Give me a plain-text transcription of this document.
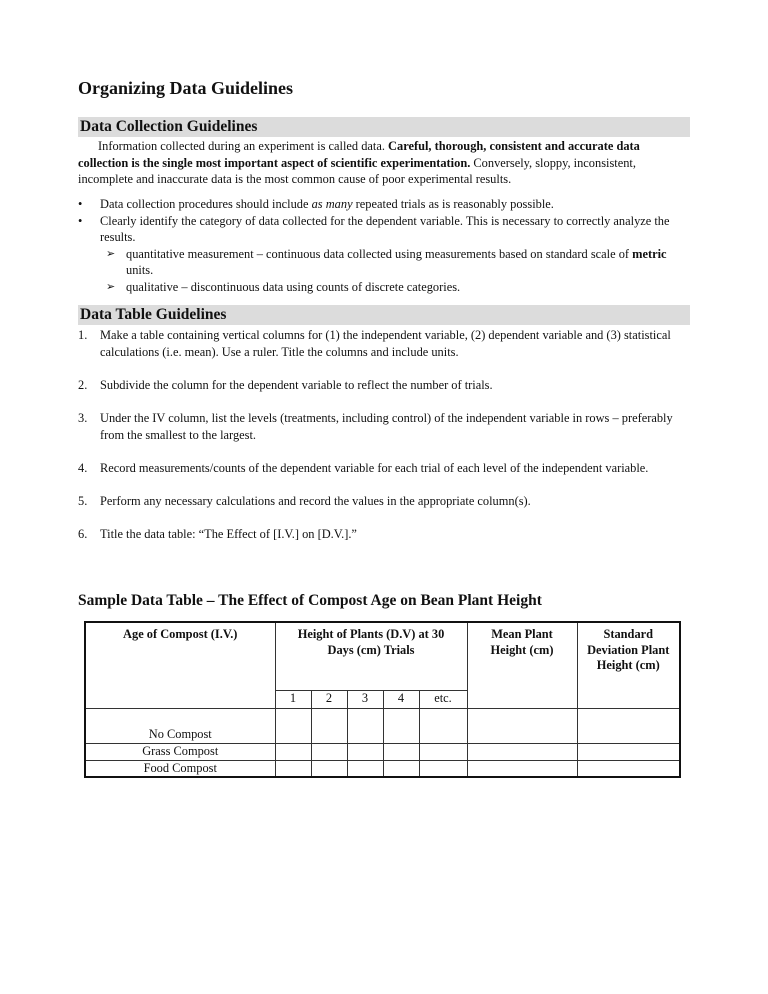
Organizing Data Guidelines
Data Collection Guidelines
Information collected during an experiment is called data. Careful, thorough, consistent and accurate data collection is the single most important aspect of scientific experimentation. Conversely, sloppy, inconsistent, incomplete and inaccurate data is the most common cause of poor experimental results.
• Data collection procedures should include as many repeated trials as is reasonably possible.
• Clearly identify the category of data collected for the dependent variable. This is necessary to correctly analyze the results.
➢ quantitative measurement – continuous data collected using measurements based on standard scale of metric units.
➢ qualitative – discontinuous data using counts of discrete categories.
Data Table Guidelines
1. Make a table containing vertical columns for (1) the independent variable, (2) dependent variable and (3) statistical calculations (i.e. mean). Use a ruler. Title the columns and include units.
2. Subdivide the column for the dependent variable to reflect the number of trials.
3. Under the IV column, list the levels (treatments, including control) of the independent variable in rows – preferably from the smallest to the largest.
4. Record measurements/counts of the dependent variable for each trial of each level of the independent variable.
5. Perform any necessary calculations and record the values in the appropriate column(s).
6. Title the data table: “The Effect of [I.V.] on [D.V.].”
Sample Data Table – The Effect of Compost Age on Bean Plant Height
Age of Compost (I.V.)	Height of Plants (D.V) at 30 Days (cm) Trials					Mean Plant Height (cm)	Standard Deviation Plant Height (cm)
	1	2	3	4	etc.		
No Compost							
Grass Compost							
Food Compost							
